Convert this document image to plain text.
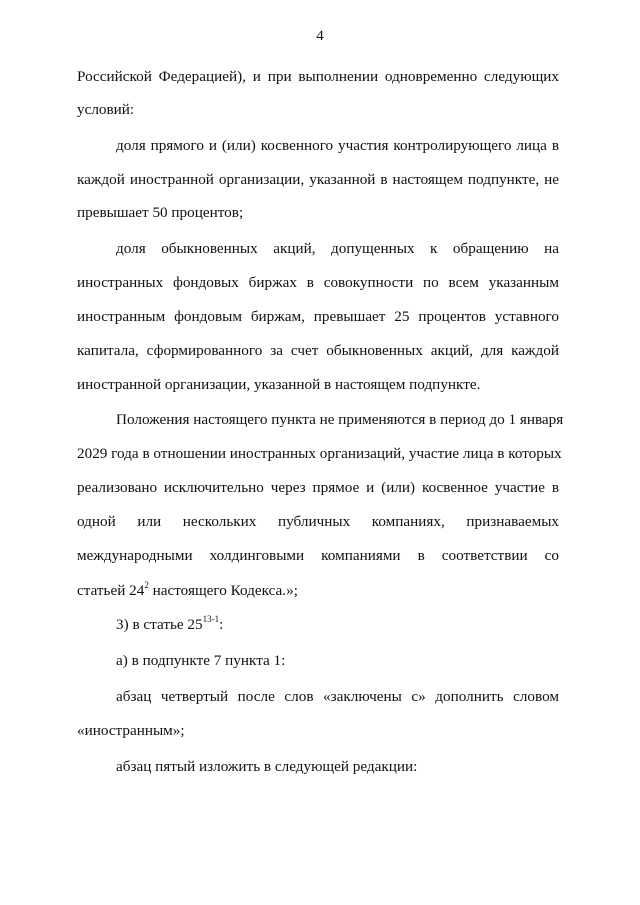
4
Российской Федерацией), и при выполнении одновременно следующих
условий:
доля прямого и (или) косвенного участия контролирующего лица в
каждой иностранной организации, указанной в настоящем подпункте, не
превышает 50 процентов;
доля обыкновенных акций, допущенных к обращению на
иностранных фондовых биржах в совокупности по всем указанным
иностранным фондовым биржам, превышает 25 процентов уставного
капитала, сформированного за счет обыкновенных акций, для каждой
иностранной организации, указанной в настоящем подпункте.
Положения настоящего пункта не применяются в период до 1 января
2029 года в отношении иностранных организаций, участие лица в которых
реализовано исключительно через прямое и (или) косвенное участие в
одной или нескольких публичных компаниях, признаваемых
международными холдинговыми компаниями в соответствии со
статьей $24^2$ настоящего Кодекса.»;
3) в статье 25$^{13-1}$:
а) в подпункте 7 пункта 1:
абзац четвертый после слов «заключены с» дополнить словом
«иностранным»;
абзац пятый изложить в следующей редакции:
